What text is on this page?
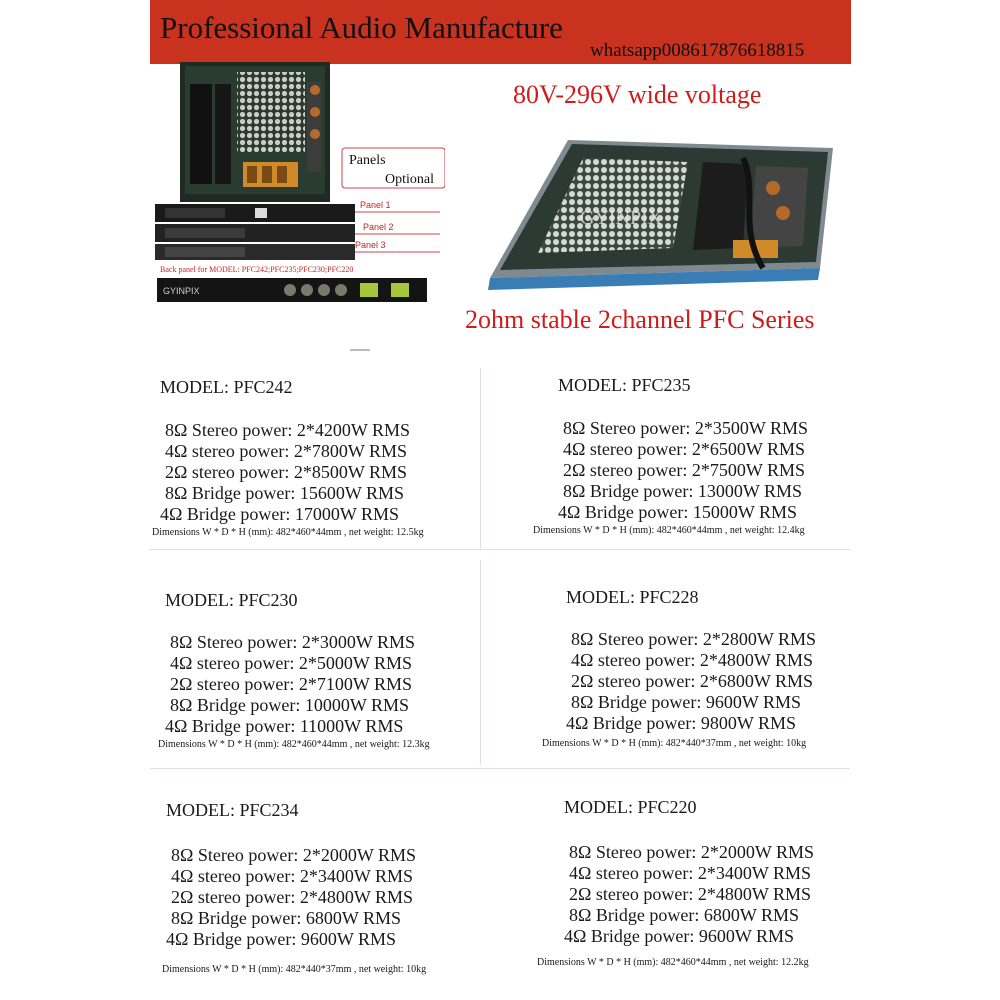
Professional Audio Manufacture
whatsapp008617876618815
80V-296V wide voltage
2ohm stable 2channel PFC Series
Panels
Optional
Panel 1
Panel 2
Panel 3
Back panel for MODEL: PFC242;PFC235;PFC230;PFC220
GYINPIX
GYINPIX
MODEL: PFC242
8Ω Stereo power: 2*4200W RMS
4Ω stereo power: 2*7800W RMS
2Ω stereo power: 2*8500W RMS
8Ω Bridge power: 15600W RMS
4Ω Bridge power: 17000W RMS
Dimensions W * D * H (mm): 482*460*44mm , net weight: 12.5kg
MODEL: PFC235
8Ω Stereo power: 2*3500W RMS
4Ω stereo power: 2*6500W RMS
2Ω stereo power: 2*7500W RMS
8Ω Bridge power: 13000W RMS
4Ω Bridge power: 15000W RMS
Dimensions W * D * H (mm): 482*460*44mm , net weight: 12.4kg
MODEL: PFC230
8Ω Stereo power: 2*3000W RMS
4Ω stereo power: 2*5000W RMS
2Ω stereo power: 2*7100W RMS
8Ω Bridge power: 10000W RMS
4Ω Bridge power: 11000W RMS
Dimensions W * D * H (mm): 482*460*44mm , net weight: 12.3kg
MODEL: PFC228
8Ω Stereo power: 2*2800W RMS
4Ω stereo power: 2*4800W RMS
2Ω stereo power: 2*6800W RMS
8Ω Bridge power: 9600W RMS
4Ω Bridge power: 9800W RMS
Dimensions W * D * H (mm): 482*440*37mm , net weight: 10kg
MODEL: PFC234
8Ω Stereo power: 2*2000W RMS
4Ω stereo power: 2*3400W RMS
2Ω stereo power: 2*4800W RMS
8Ω Bridge power: 6800W RMS
4Ω Bridge power: 9600W RMS
Dimensions W * D * H (mm): 482*440*37mm , net weight: 10kg
MODEL: PFC220
8Ω Stereo power: 2*2000W RMS
4Ω stereo power: 2*3400W RMS
2Ω stereo power: 2*4800W RMS
8Ω Bridge power: 6800W RMS
4Ω Bridge power: 9600W RMS
Dimensions W * D * H (mm): 482*460*44mm , net weight: 12.2kg
